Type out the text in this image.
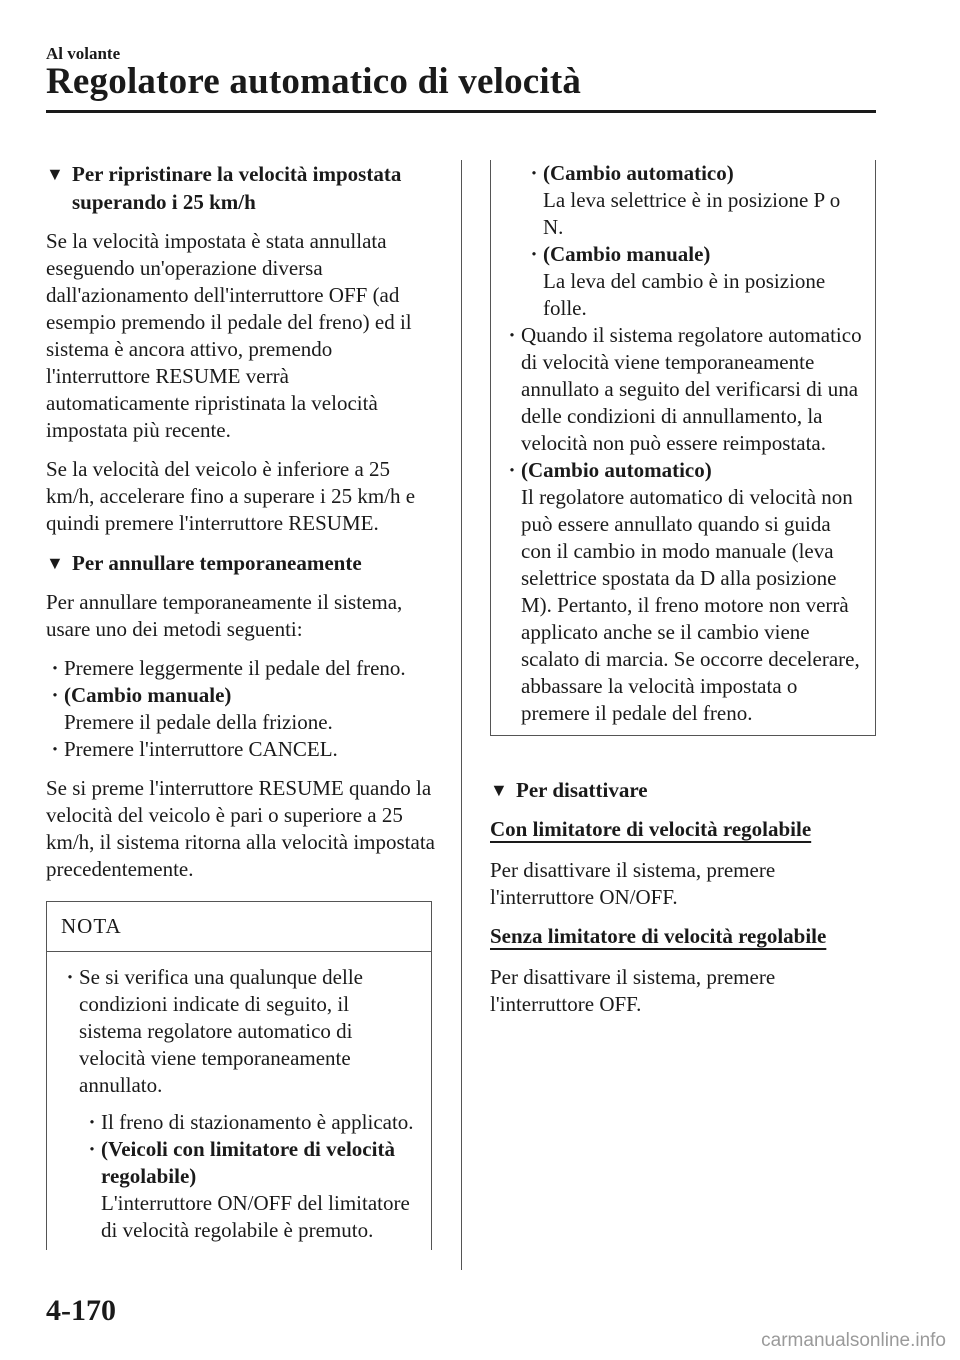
Al volante
Regolatore automatico di velocità
▼ Per ripristinare la velocità impostata superando i 25 km/h

Se la velocità impostata è stata annullata eseguendo un'operazione diversa dall'azionamento dell'interruttore OFF (ad esempio premendo il pedale del freno) ed il sistema è ancora attivo, premendo l'interruttore RESUME verrà automaticamente ripristinata la velocità impostata più recente.

Se la velocità del veicolo è inferiore a 25 km/h, accelerare fino a superare i 25 km/h e quindi premere l'interruttore RESUME.

▼ Per annullare temporaneamente

Per annullare temporaneamente il sistema, usare uno dei metodi seguenti:

· Premere leggermente il pedale del freno.
· (Cambio manuale)
Premere il pedale della frizione.
· Premere l'interruttore CANCEL.

Se si preme l'interruttore RESUME quando la velocità del veicolo è pari o superiore a 25 km/h, il sistema ritorna alla velocità impostata precedentemente.

NOTA
· Se si verifica una qualunque delle condizioni indicate di seguito, il sistema regolatore automatico di velocità viene temporaneamente annullato.
· Il freno di stazionamento è applicato.
· (Veicoli con limitatore di velocità regolabile)
L'interruttore ON/OFF del limitatore di velocità regolabile è premuto.
· (Cambio automatico)
La leva selettrice è in posizione P o N.
· (Cambio manuale)
La leva del cambio è in posizione folle.
· Quando il sistema regolatore automatico di velocità viene temporaneamente annullato a seguito del verificarsi di una delle condizioni di annullamento, la velocità non può essere reimpostata.
· (Cambio automatico)
Il regolatore automatico di velocità non può essere annullato quando si guida con il cambio in modo manuale (leva selettrice spostata da D alla posizione M). Pertanto, il freno motore non verrà applicato anche se il cambio viene scalato di marcia. Se occorre decelerare, abbassare la velocità impostata o premere il pedale del freno.
▼ Per disattivare
Con limitatore di velocità regolabile

Per disattivare il sistema, premere l'interruttore ON/OFF.

Senza limitatore di velocità regolabile

Per disattivare il sistema, premere l'interruttore OFF.

4-170
carmanualsonline.info
